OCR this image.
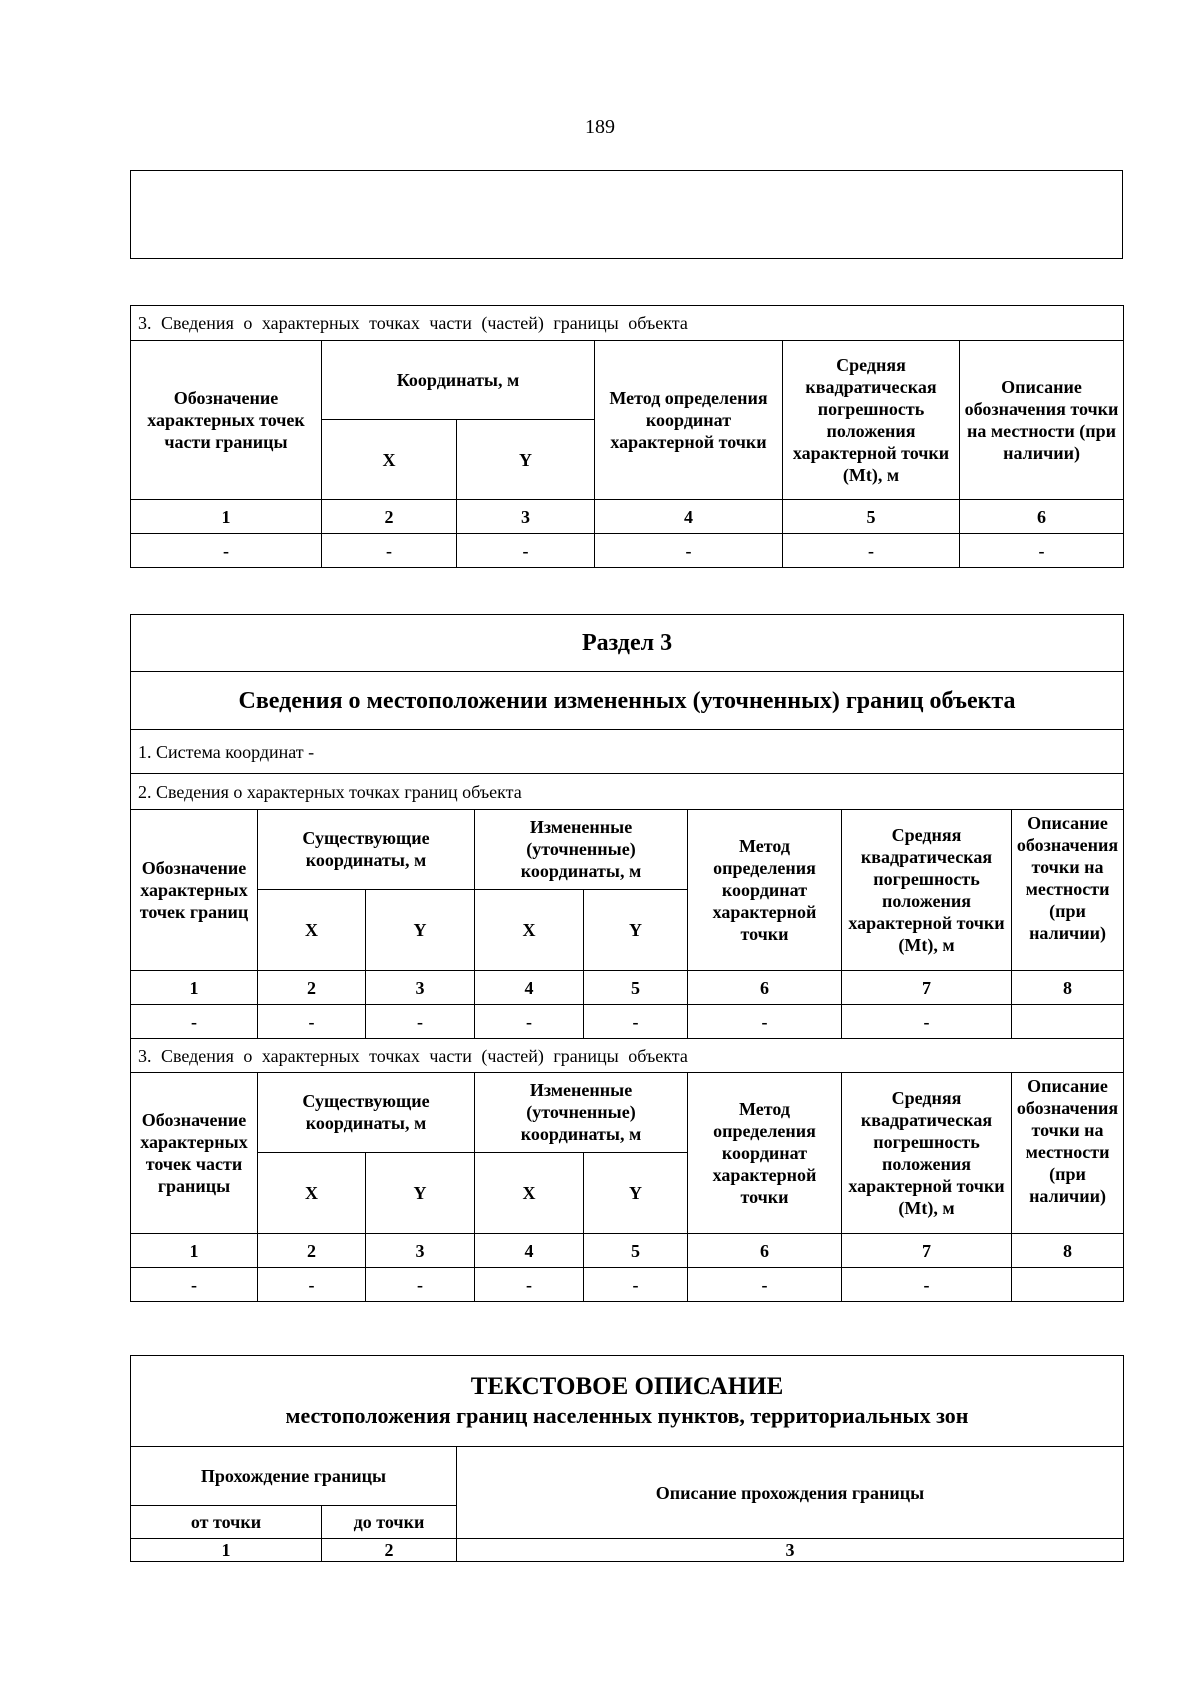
189
3. Сведения о характерных точках части (частей) границы объекта					
Обозначение характерных точек части границы	Координаты, м		Метод определения координат характерной точки	Средняя квадратическая погрешность положения характерной точки (Mt), м	Описание обозначения точки на местности (при наличии)
	X	Y			
1	2	3	4	5	6
-	-	-	-	-	-
Раздел 3							
Сведения о местоположении измененных (уточненных) границ объекта							
1. Система координат -							
2. Сведения о характерных точках границ объекта							
Обозначение характерных точек границ	Существующие координаты, м		Измененные (уточненные) координаты, м		Метод определения координат характерной точки	Средняя квадратическая погрешность положения характерной точки (Mt), м	Описание обозначения точки на местности (при наличии)

	X	Y	X	Y			
1	2	3	4	5	6	7	8
-	-	-	-	-	-	-	
3. Сведения о характерных точках части (частей) границы объекта							
Обозначение характерных точек части границы	Существующие координаты, м		Измененные (уточненные) координаты, м		Метод определения координат характерной точки	Средняя квадратическая погрешность положения характерной точки (Mt), м	Описание обозначения точки на местности (при наличии)

	X	Y	X	Y			
1	2	3	4	5	6	7	8
-	-	-	-	-	-	-	
ТЕКСТОВОЕ ОПИСАНИЕ
местоположения границ населенных пунктов, территориальных зон		

Прохождение границы		Описание прохождения границы
от точки	до точки	
1	2	3
